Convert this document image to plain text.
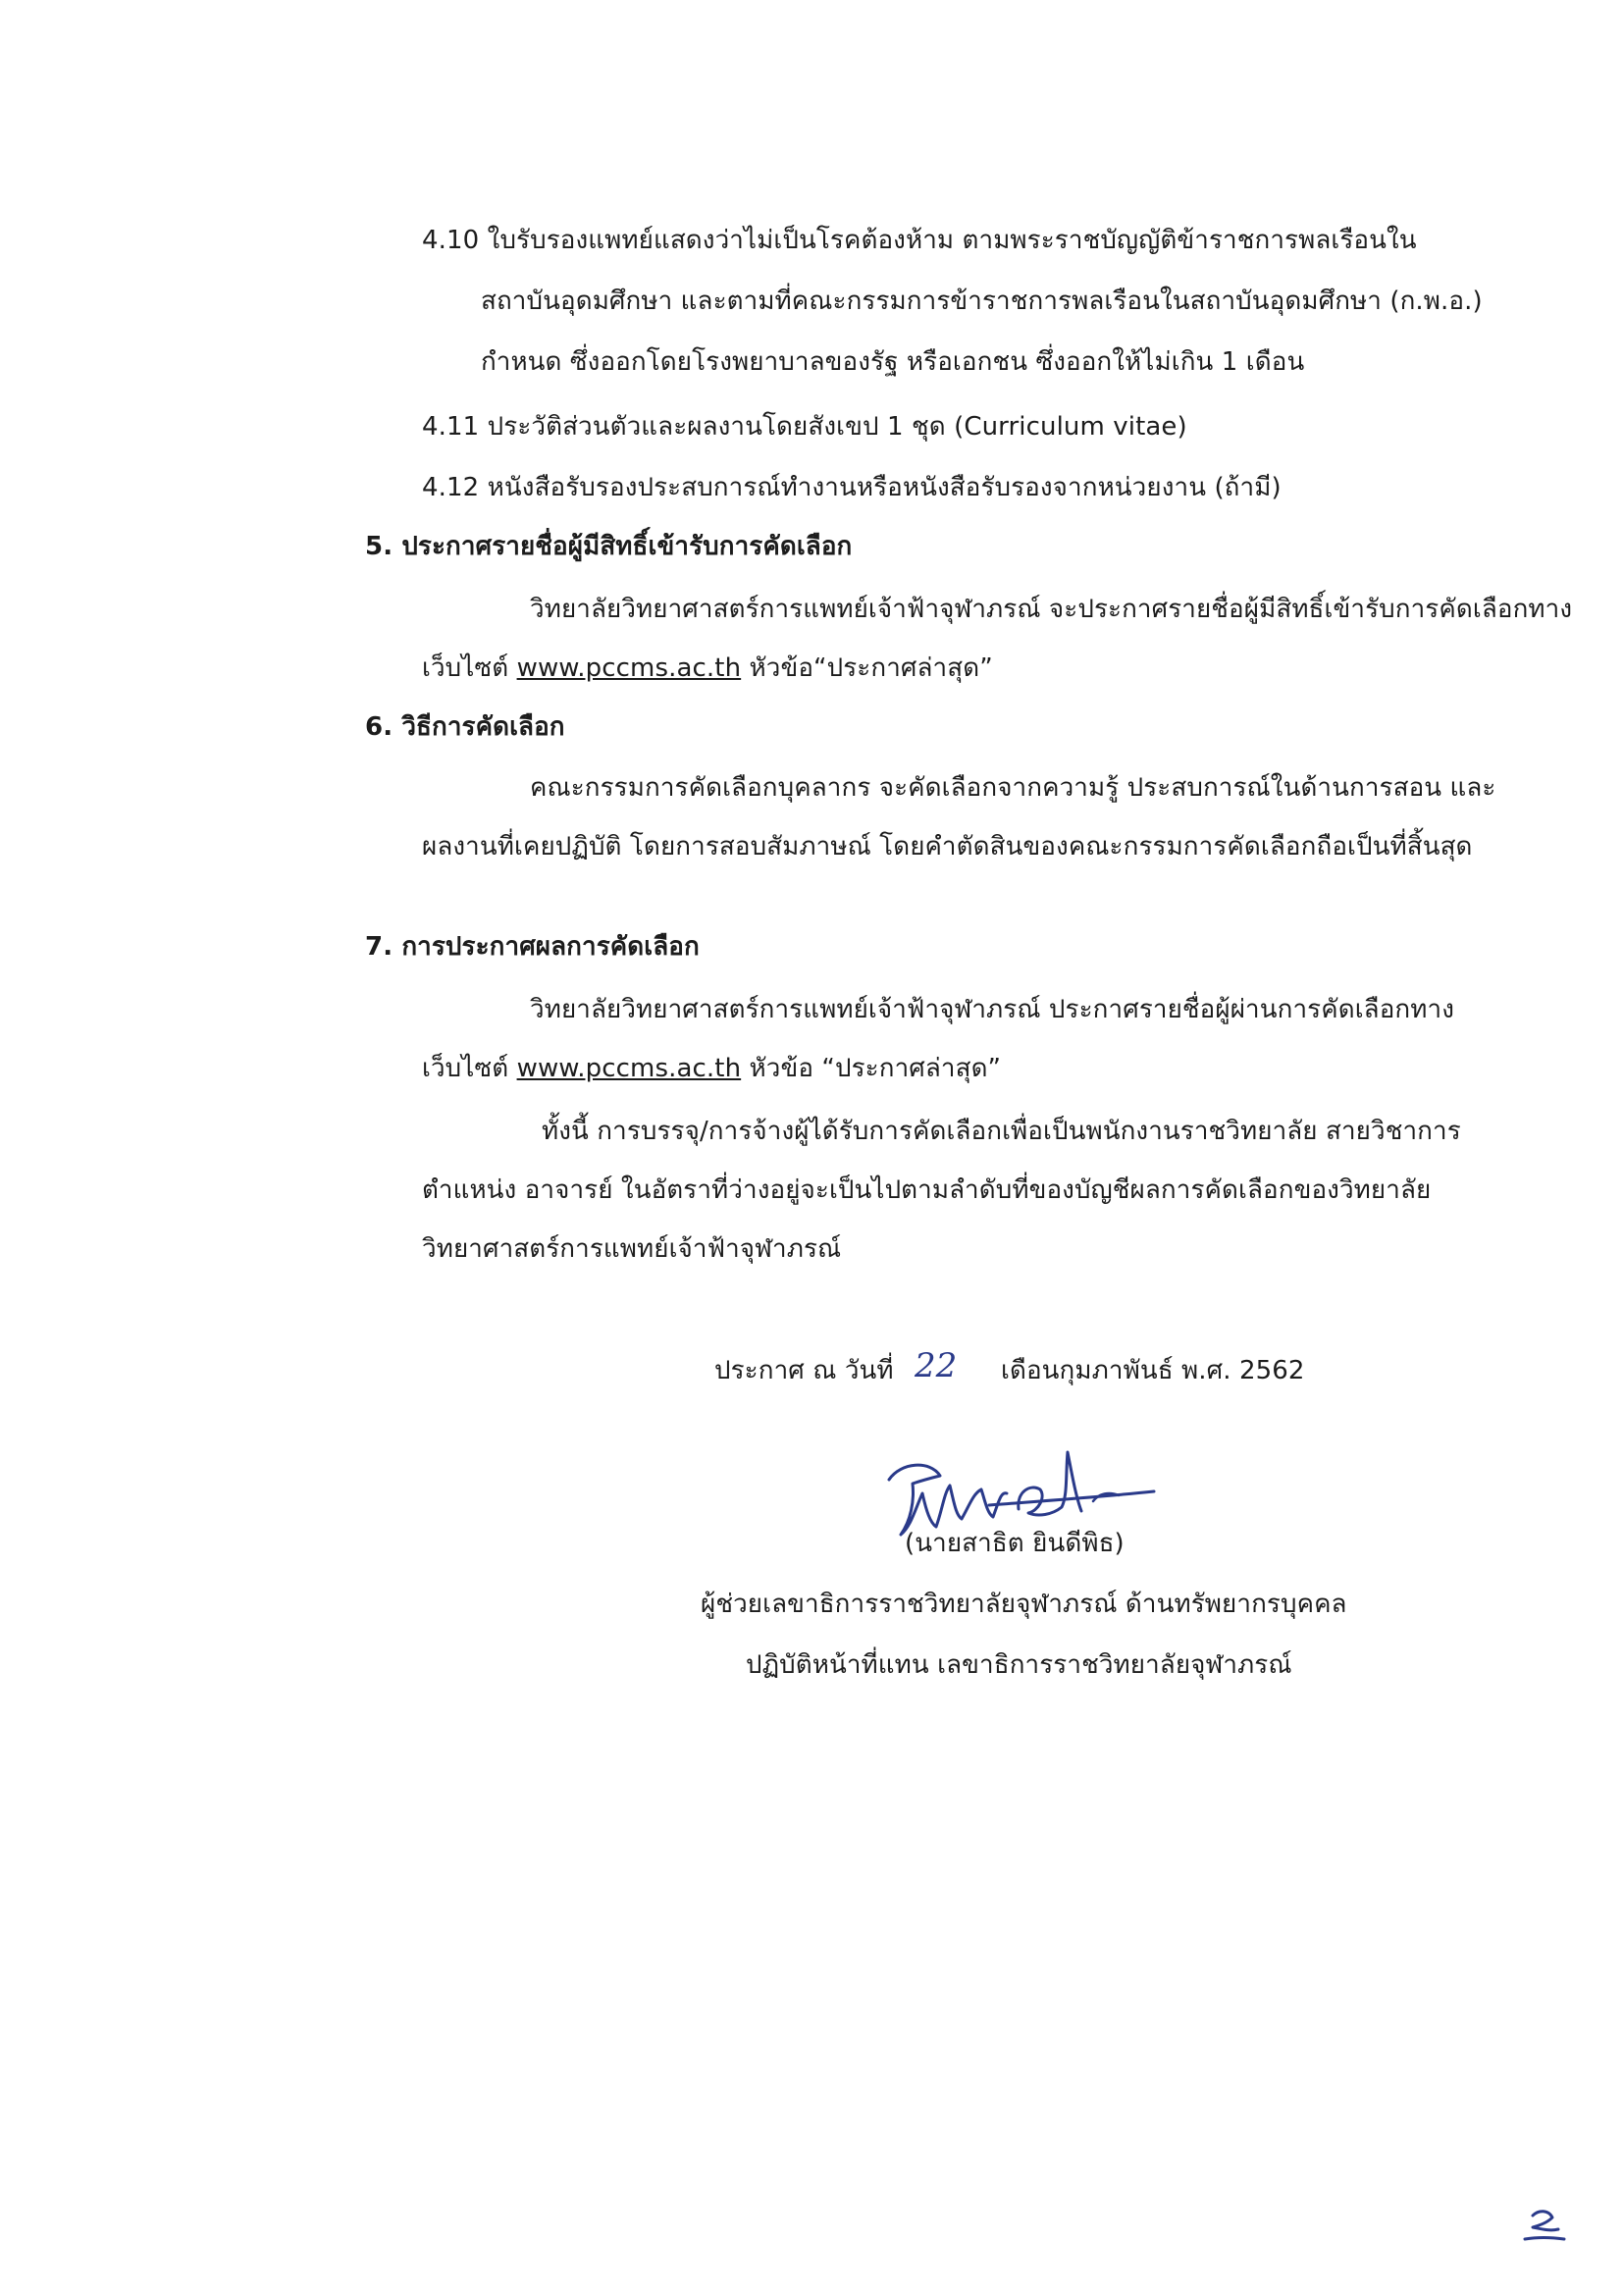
4.10 ใบรับรองแพทย์แสดงว่าไม่เป็นโรคต้องห้าม ตามพระราชบัญญัติข้าราชการพลเรือนใน
สถาบันอุดมศึกษา และตามที่คณะกรรมการข้าราชการพลเรือนในสถาบันอุดมศึกษา (ก.พ.อ.)
กำหนด ซึ่งออกโดยโรงพยาบาลของรัฐ หรือเอกชน ซึ่งออกให้ไม่เกิน 1 เดือน
4.11 ประวัติส่วนตัวและผลงานโดยสังเขป 1 ชุด (Curriculum vitae)
4.12 หนังสือรับรองประสบการณ์ทำงานหรือหนังสือรับรองจากหน่วยงาน (ถ้ามี)
5. ประกาศรายชื่อผู้มีสิทธิ์เข้ารับการคัดเลือก
วิทยาลัยวิทยาศาสตร์การแพทย์เจ้าฟ้าจุฬาภรณ์ จะประกาศรายชื่อผู้มีสิทธิ์เข้ารับการคัดเลือกทาง
เว็บไซต์ www.pccms.ac.th หัวข้อ“ประกาศล่าสุด”
6. วิธีการคัดเลือก
คณะกรรมการคัดเลือกบุคลากร จะคัดเลือกจากความรู้ ประสบการณ์ในด้านการสอน และ
ผลงานที่เคยปฏิบัติ โดยการสอบสัมภาษณ์ โดยคำตัดสินของคณะกรรมการคัดเลือกถือเป็นที่สิ้นสุด
7. การประกาศผลการคัดเลือก
วิทยาลัยวิทยาศาสตร์การแพทย์เจ้าฟ้าจุฬาภรณ์ ประกาศรายชื่อผู้ผ่านการคัดเลือกทาง
เว็บไซต์ www.pccms.ac.th หัวข้อ “ประกาศล่าสุด”
ทั้งนี้ การบรรจุ/การจ้างผู้ได้รับการคัดเลือกเพื่อเป็นพนักงานราชวิทยาลัย สายวิชาการ
ตำแหน่ง อาจารย์ ในอัตราที่ว่างอยู่จะเป็นไปตามลำดับที่ของบัญชีผลการคัดเลือกของวิทยาลัย
วิทยาศาสตร์การแพทย์เจ้าฟ้าจุฬาภรณ์
ประกาศ ณ วันที่ 22 เดือนกุมภาพันธ์ พ.ศ. 2562
(นายสาธิต ยินดีพิธ)
ผู้ช่วยเลขาธิการราชวิทยาลัยจุฬาภรณ์ ด้านทรัพยากรบุคคล
ปฏิบัติหน้าที่แทน เลขาธิการราชวิทยาลัยจุฬาภรณ์
